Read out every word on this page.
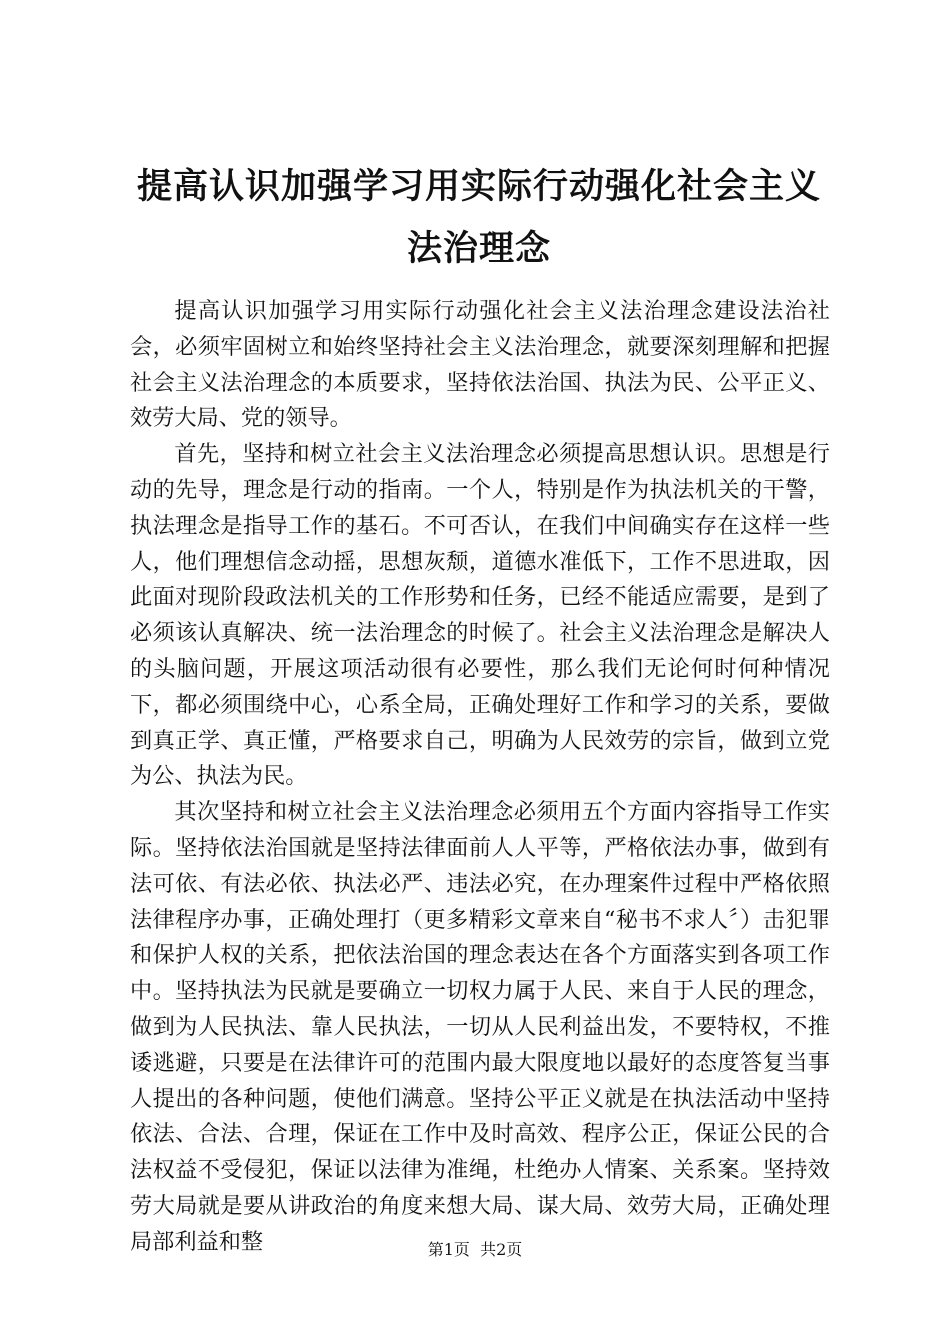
提高认识加强学习用实际行动强化社会主义法治理念

提高认识加强学习用实际行动强化社会主义法治理念建设法治社会，必须牢固树立和始终坚持社会主义法治理念，就要深刻理解和把握社会主义法治理念的本质要求，坚持依法治国、执法为民、公平正义、效劳大局、党的领导。

首先，坚持和树立社会主义法治理念必须提高思想认识。思想是行动的先导，理念是行动的指南。一个人，特别是作为执法机关的干警，执法理念是指导工作的基石。不可否认，在我们中间确实存在这样一些人，他们理想信念动摇，思想灰颓，道德水准低下，工作不思进取，因此面对现阶段政法机关的工作形势和任务，已经不能适应需要，是到了必须该认真解决、统一法治理念的时候了。社会主义法治理念是解决人的头脑问题，开展这项活动很有必要性，那么我们无论何时何种情况下，都必须围绕中心，心系全局，正确处理好工作和学习的关系，要做到真正学、真正懂，严格要求自己，明确为人民效劳的宗旨，做到立党为公、执法为民。

其次坚持和树立社会主义法治理念必须用五个方面内容指导工作实际。坚持依法治国就是坚持法律面前人人平等，严格依法办事，做到有法可依、有法必依、执法必严、违法必究，在办理案件过程中严格依照法律程序办事，正确处理打（更多精彩文章来自“秘书不求人〞）击犯罪和保护人权的关系，把依法治国的理念表达在各个方面落实到各项工作中。坚持执法为民就是要确立一切权力属于人民、来自于人民的理念，做到为人民执法、靠人民执法，一切从人民利益出发，不要特权，不推诿逃避，只要是在法律许可的范围内最大限度地以最好的态度答复当事人提出的各种问题，使他们满意。坚持公平正义就是在执法活动中坚持依法、合法、合理，保证在工作中及时高效、程序公正，保证公民的合法权益不受侵犯，保证以法律为准绳，杜绝办人情案、关系案。坚持效劳大局就是要从讲政治的角度来想大局、谋大局、效劳大局，正确处理局部利益和整	第1页 共2页
